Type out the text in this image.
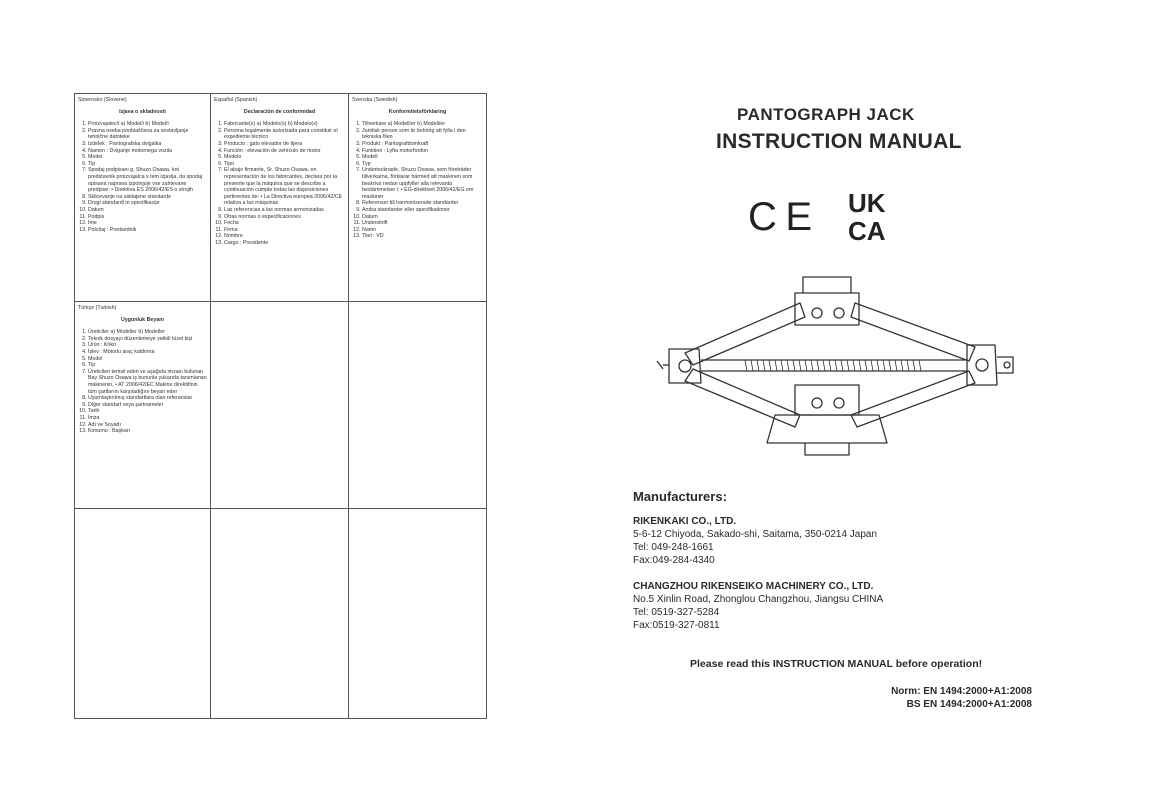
Slovensko (Slovene)
Izjava o skladnosti
1. Proizvajalec/i a) Model/i b) Model/i
2. Pravna oseba pooblaščena za sestavljanje tehnične datoteke
3. Izdelek : Pantografska dvigalka
4. Namen : Dviganje motornega vozila
5. Model
6. Tip
7. Spodaj podpisani g. Shuzo Osawa, kot predstavnik proizvajalca s tem izjavlja, da spodaj opisana naprava izpolnjuje vse zahtevane predpise: • Direktiva ES 2006/42/ES o strojih
8. Sklicevanje na usklajene standarde
9. Drugi standardi in specifikacije
10. Datum
11. Podpis
12. Ime
13. Položaj : Predsednik
Español (Spanish)
Declaración de conformidad
1. Fabricante(s) a) Modelo(s) b) Modelo(s)
2. Persona legalmente autorizada para constituir el expediente técnico
3. Producto : gato elevador de tijera
4. Función : elevación de vehículo de motor
5. Modelo
6. Tipo
7. El abajo firmante, Sr. Shuzo Osawa, en representación de los fabricantes, declara por la presente que la máquina que se describe a continuación cumple todas las disposiciones pertinentes de: • La Directiva europea 2006/42/CE relativa a las máquinas
8. Las referencias a las normas armonizadas
9. Otras normas o especificaciones
10. Fecha
11. Firma
12. Nombre
13. Cargo : Presidente
Svenska (Swedish)
Konformitetsförklaring
1. Tillverkare a) Modell/er b) Modell/er
2. Juridisk person som är behörig att fylla i den tekniska filen
3. Produkt : Pantografdomkraft
4. Funktion : Lyfta motorfordon
5. Modell
6. Typ
7. Undertecknade, Shuzo Osawa, som företräder tillverkarna, förklarar härmed att maskinen som beskrivs nedan uppfyller alla relevanta bestämmelser i: • EG-direktivet 2006/42/EG om maskiner
8. Referenser till harmoniserade standarder
9. Andra standarder eller specifikationer
10. Datum
11. Underskrift
12. Namn
13. Titel : VD
Türkçe (Turkish)
Uygunluk Beyanı
1. Üreticiler a) Modeller b) Modeller
2. Teknik dosyayı düzenlemeye yetkili tüzel kişi
3. Ürün : Kriko
4. İşlev : Motorlu araç kaldırma
5. Model
6. Tip
7. Üreticileri temsil eden ve aşağıda imzası bulunan Bay Shuzo Osawa iş bununla yukarıda tanımlanan makinenin, • AT 2006/42/EC Makine direktifinin tüm şartlarını karşıladığını beyan eder
8. Uyumlaştırılmış standartlara olan referanslar
9. Diğer standart veya şartnameler
10. Tarih
11. İmza
12. Adı ve Soyadı
13. Konumu : Başkan
PANTOGRAPH JACK
INSTRUCTION MANUAL
CE UK
CA
Manufacturers:
RIKENKAKI CO., LTD.
5-6-12 Chiyoda, Sakado-shi, Saitama, 350-0214 Japan
Tel: 049-248-1661
Fax:049-284-4340
CHANGZHOU RIKENSEIKO MACHINERY CO., LTD.
No.5 Xinlin Road, Zhonglou Changzhou, Jiangsu CHINA
Tel: 0519-327-5284
Fax:0519-327-0811
Please read this INSTRUCTION MANUAL before operation!
Norm: EN 1494:2000+A1:2008
BS EN 1494:2000+A1:2008
